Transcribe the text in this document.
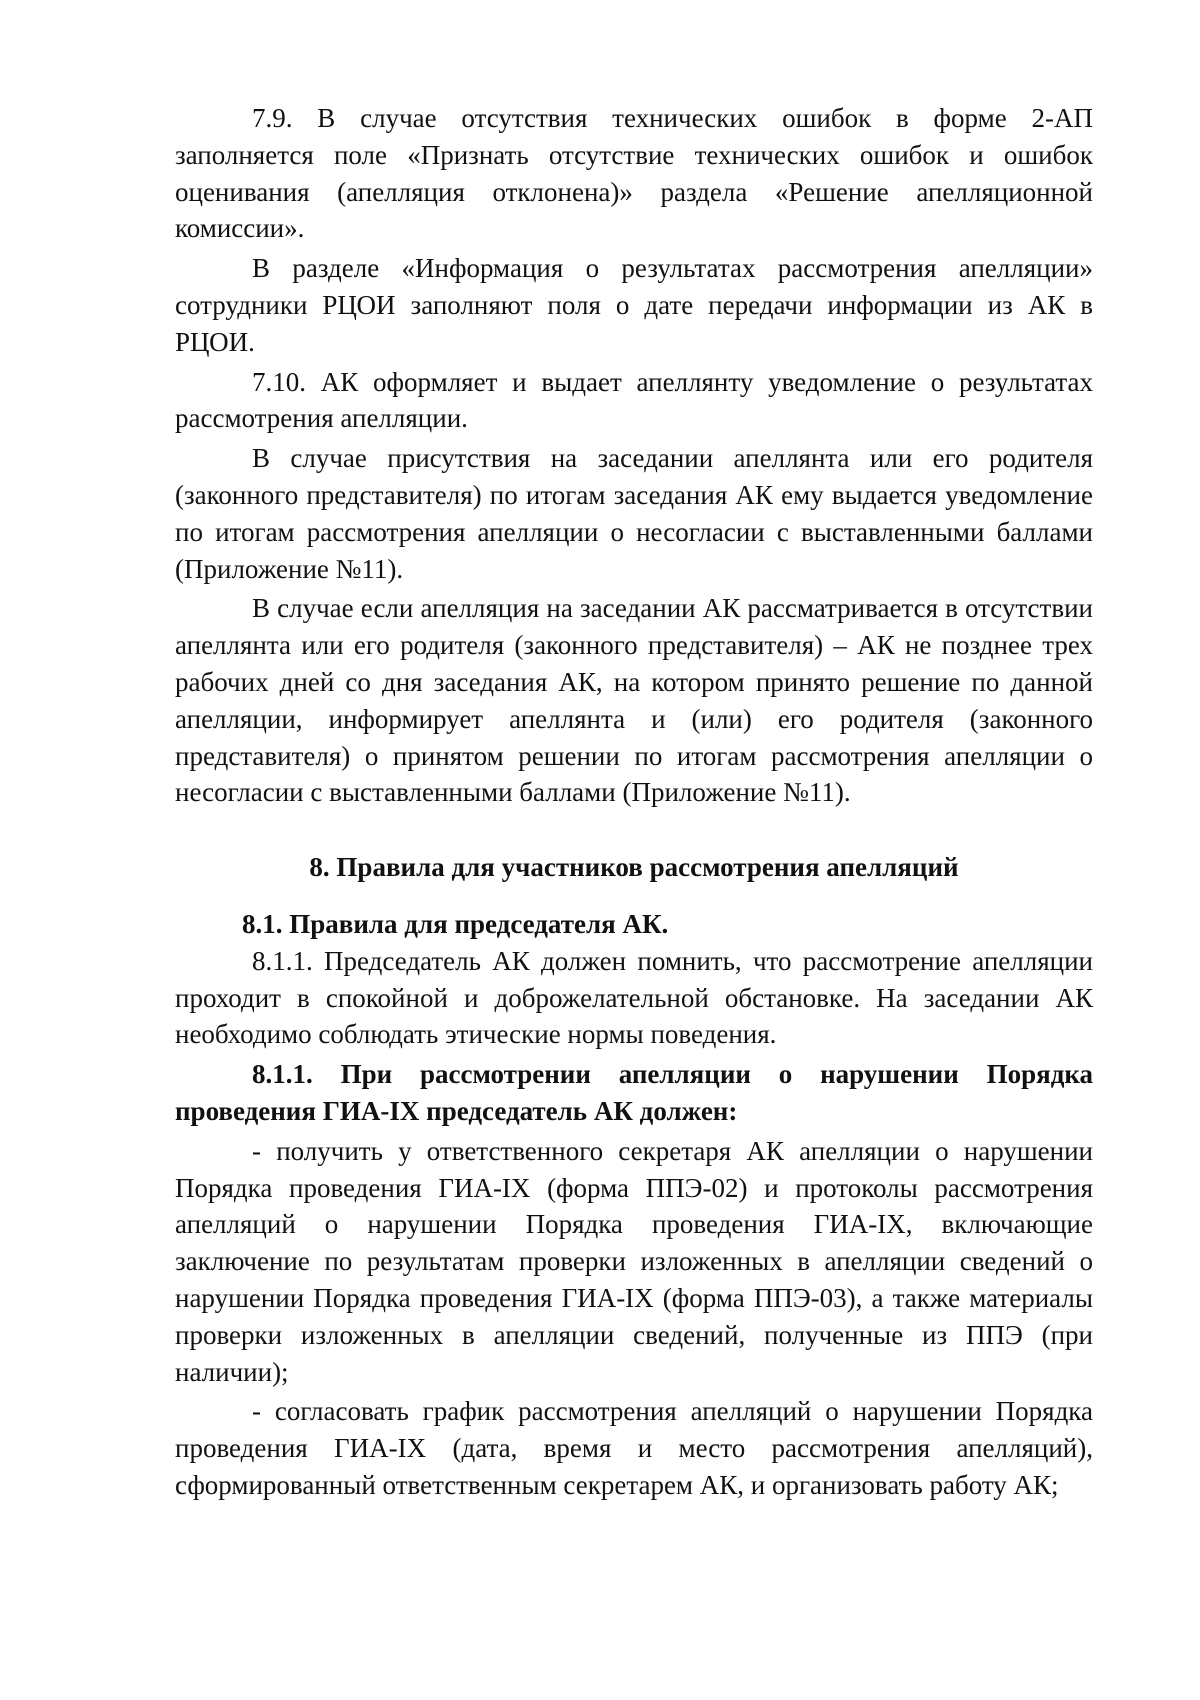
7.9. В случае отсутствия технических ошибок в форме 2-АП заполняется поле «Признать отсутствие технических ошибок и ошибок оценивания (апелляция отклонена)» раздела «Решение апелляционной комиссии».

В разделе «Информация о результатах рассмотрения апелляции» сотрудники РЦОИ заполняют поля о дате передачи информации из АК в РЦОИ.

7.10. АК оформляет и выдает апеллянту уведомление о результатах рассмотрения апелляции.

В случае присутствия на заседании апеллянта или его родителя (законного представителя) по итогам заседания АК ему выдается уведомление по итогам рассмотрения апелляции о несогласии с выставленными баллами (Приложение №11).

В случае если апелляция на заседании АК рассматривается в отсутствии апеллянта или его родителя (законного представителя) – АК не позднее трех рабочих дней со дня заседания АК, на котором принято решение по данной апелляции, информирует апеллянта и (или) его родителя (законного представителя) о принятом решении по итогам рассмотрения апелляции о несогласии с выставленными баллами (Приложение №11).

8. Правила для участников рассмотрения апелляций
8.1. Правила для председателя АК.

8.1.1. Председатель АК должен помнить, что рассмотрение апелляции проходит в спокойной и доброжелательной обстановке. На заседании АК необходимо соблюдать этические нормы поведения.

8.1.1. При рассмотрении апелляции о нарушении Порядка проведения ГИА-IX председатель АК должен:

- получить у ответственного секретаря АК апелляции о нарушении Порядка проведения ГИА-IX (форма ППЭ-02) и протоколы рассмотрения апелляций о нарушении Порядка проведения ГИА-IX, включающие заключение по результатам проверки изложенных в апелляции сведений о нарушении Порядка проведения ГИА-IX (форма ППЭ-03), а также материалы проверки изложенных в апелляции сведений, полученные из ППЭ (при наличии);

- согласовать график рассмотрения апелляций о нарушении Порядка проведения ГИА-IX (дата, время и место рассмотрения апелляций), сформированный ответственным секретарем АК, и организовать работу АК;
